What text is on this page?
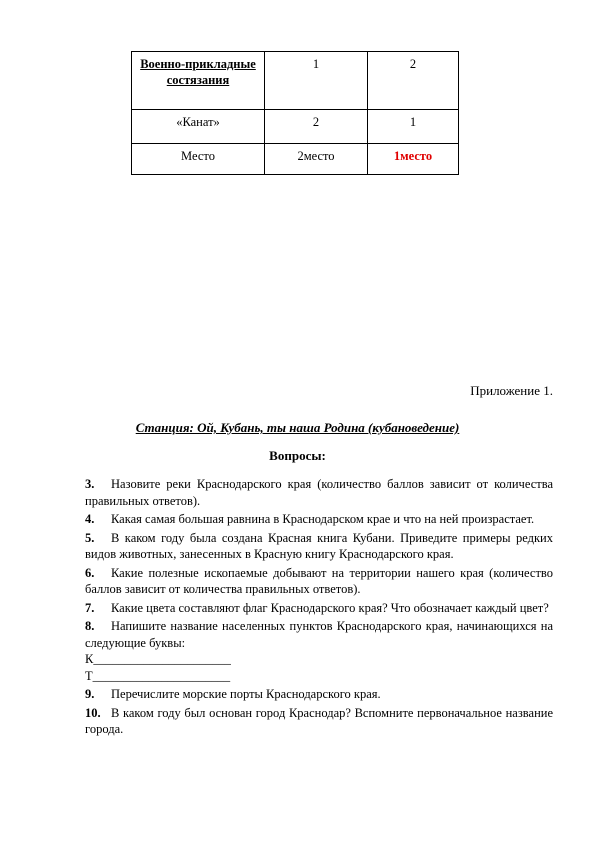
Военно-прикладные состязания	1	2
«Канат»	2	1
Место	2место	1место
Приложение 1.
Станция: Ой, Кубань, ты наша Родина (кубановедение)
Вопросы:

3. Назовите реки Краснодарского края (количество баллов зависит от количества правильных ответов).

4. Какая самая большая равнина в Краснодарском крае и что на ней произрастает.

5. В каком году была создана Красная книга Кубани. Приведите примеры редких видов животных, занесенных в Красную книгу Краснодарского края.

6. Какие полезные ископаемые добывают на территории нашего края (количество баллов зависит от количества правильных ответов).

7. Какие цвета составляют флаг Краснодарского края? Что обозначает каждый цвет?

8. Напишите название населенных пунктов Краснодарского края, начинающихся на следующие буквы:
К______________________
Т______________________

9. Перечислите морские порты Краснодарского края.

10. В каком году был основан город Краснодар? Вспомните первоначальное название города.
